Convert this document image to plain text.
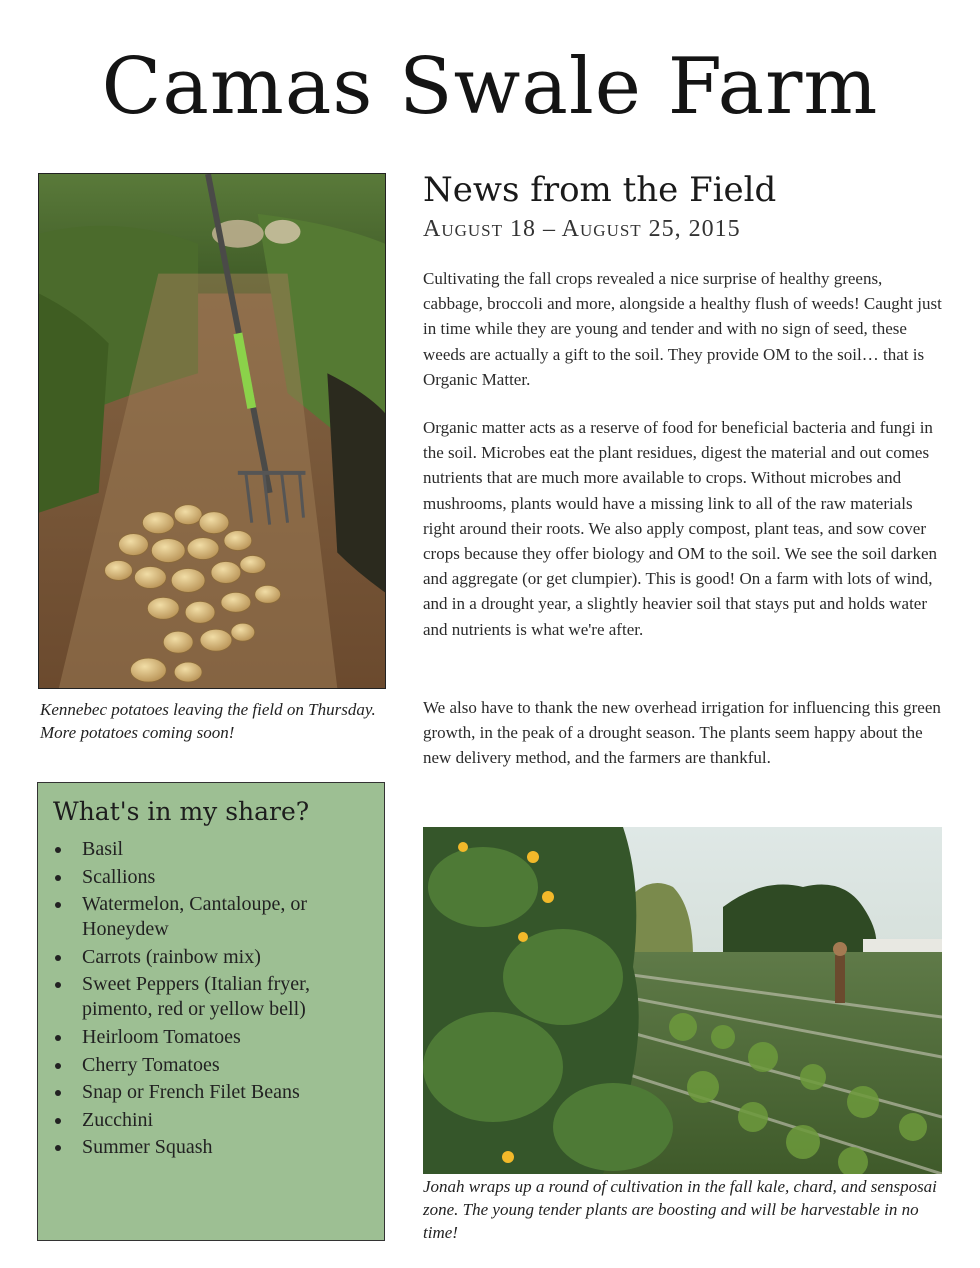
Camas Swale Farm
Kennebec potatoes leaving the field on Thursday. More potatoes coming soon!
News from the Field
August 18 – August 25, 2015

Cultivating the fall crops revealed a nice surprise of healthy greens, cabbage, broccoli and more, alongside a healthy flush of weeds! Caught just in time while they are young and tender and with no sign of seed, these weeds are actually a gift to the soil. They provide OM to the soil… that is Organic Matter.

Organic matter acts as a reserve of food for beneficial bacteria and fungi in the soil. Microbes eat the plant residues, digest the material and out comes nutrients that are much more available to crops. Without microbes and mushrooms, plants would have a missing link to all of the raw materials right around their roots. We also apply compost, plant teas, and sow cover crops because they offer biology and OM to the soil. We see the soil darken and aggregate (or get clumpier). This is good! On a farm with lots of wind, and in a drought year, a slightly heavier soil that stays put and holds water and nutrients is what we're after.

We also have to thank the new overhead irrigation for influencing this green growth, in the peak of a drought season. The plants seem happy about the new delivery method, and the farmers are thankful.

Jonah wraps up a round of cultivation in the fall kale, chard, and sensposai zone. The young tender plants are boosting and will be harvestable in no time!
What's in my share?
Basil
Scallions
Watermelon, Cantaloupe, or Honeydew
Carrots (rainbow mix)
Sweet Peppers (Italian fryer, pimento, red or yellow bell)
Heirloom Tomatoes
Cherry Tomatoes
Snap or French Filet Beans
Zucchini
Summer Squash
